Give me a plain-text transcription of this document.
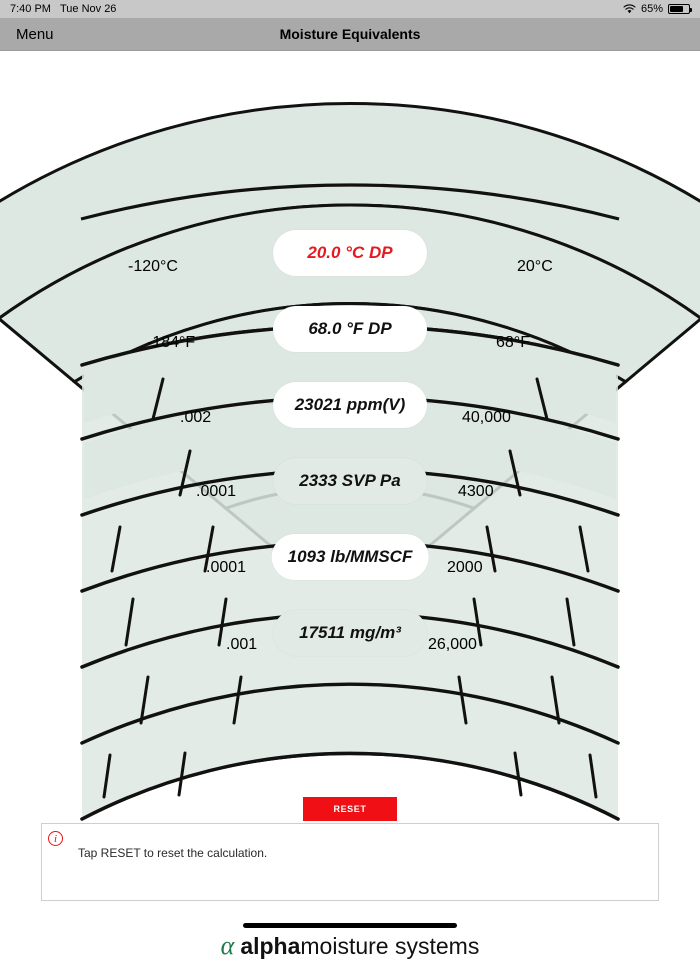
7:40 PM Tue Nov 26	65%
Menu	Moisture Equivalents
-120°C	20°C
-184°F	68°F
.002	40,000
.0001	4300
.0001	2000
.001	26,000
20.0 °C DP
68.0 °F DP
23021 ppm(V)
2333 SVP Pa
1093 lb/MMSCF
17511 mg/m³
RESET
i
Tap RESET to reset the calculation.
α alphamoisture systems
